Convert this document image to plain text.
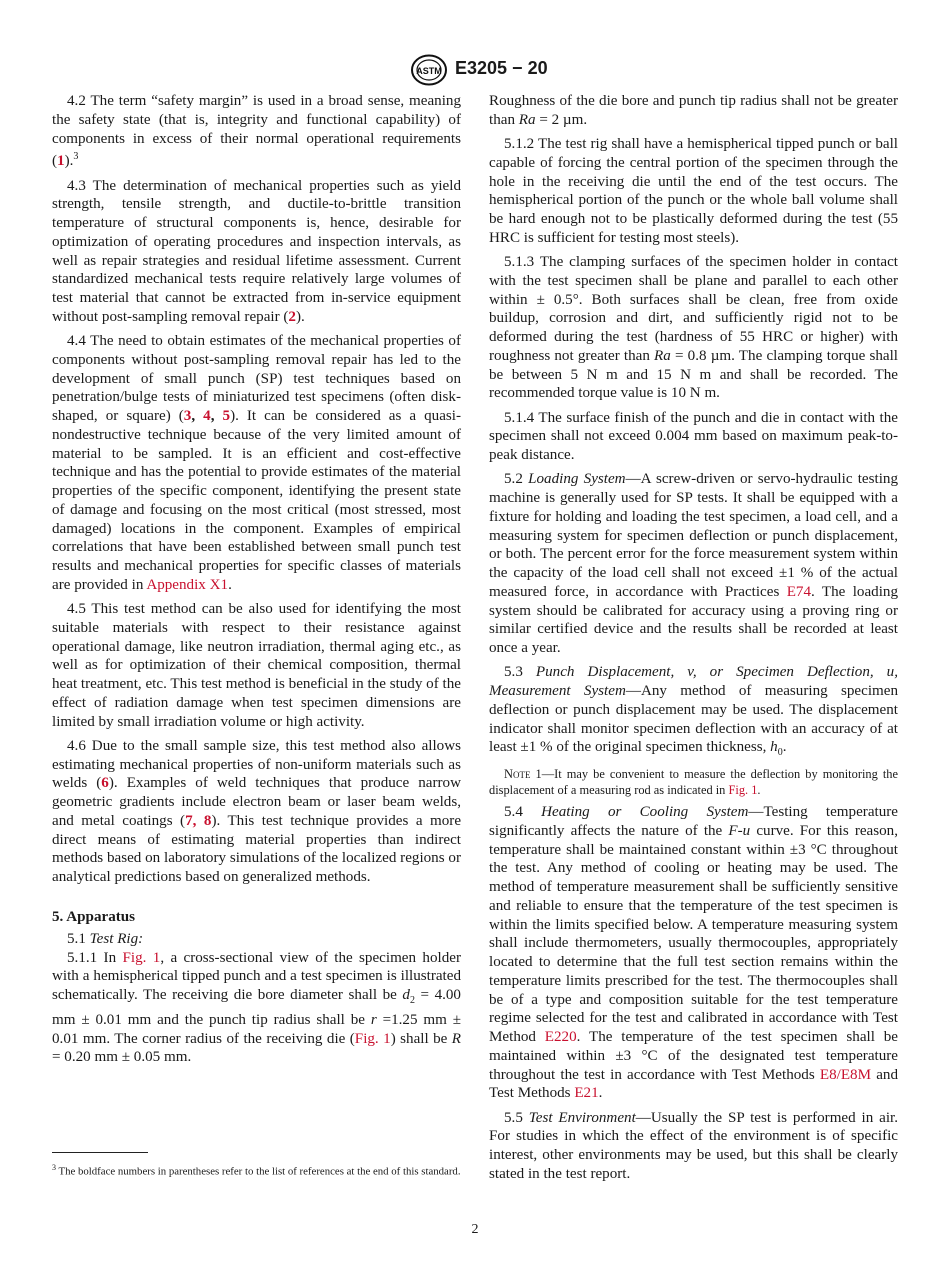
ASTM E3205 − 20

4.2 The term “safety margin” is used in a broad sense, meaning the safety state (that is, integrity and functional capability) of components in excess of their normal operational requirements (1).$^3$

4.3 The determination of mechanical properties such as yield strength, tensile strength, and ductile-to-brittle transition temperature of structural components is, hence, desirable for optimization of operating procedures and inspection intervals, as well as repair strategies and residual lifetime assessment. Current standardized mechanical tests require relatively large volumes of test material that cannot be extracted from in-service equipment without post-sampling removal repair (2).

4.4 The need to obtain estimates of the mechanical properties of components without post-sampling removal repair has led to the development of small punch (SP) test techniques based on penetration/bulge tests of miniaturized test specimens (often disk-shaped, or square) (3, 4, 5). It can be considered as a quasi-nondestructive technique because of the very limited amount of material to be sampled. It is an efficient and cost-effective technique and has the potential to provide estimates of the material properties of the specific component, identifying the present state of damage and focusing on the most critical (most stressed, most damaged) locations in the component. Examples of empirical correlations that have been established between small punch test results and mechanical properties for specific classes of materials are provided in Appendix X1.

4.5 This test method can be also used for identifying the most suitable materials with respect to their resistance against operational damage, like neutron irradiation, thermal aging etc., as well as for optimization of their chemical composition, thermal heat treatment, etc. This test method is beneficial in the study of the effect of radiation damage when test specimen dimensions are limited by small irradiation volume or high activity.

4.6 Due to the small sample size, this test method also allows estimating mechanical properties of non-uniform materials such as welds (6). Examples of weld techniques that produce narrow geometric gradients include electron beam or laser beam welds, and metal coatings (7, 8). This test technique provides a more direct means of estimating material properties than indirect methods based on laboratory simulations of the localized regions or analytical predictions based on generalized methods.

5. Apparatus

5.1 Test Rig:

5.1.1 In Fig. 1, a cross-sectional view of the specimen holder with a hemispherical tipped punch and a test specimen is illustrated schematically. The receiving die bore diameter shall be $d_2 = 4.00$ mm ± 0.01 mm and the punch tip radius shall be r =1.25 mm ± 0.01 mm. The corner radius of the receiving die (Fig. 1) shall be R = 0.20 mm ± 0.05 mm.

$^3$ The boldface numbers in parentheses refer to the list of references at the end of this standard.

Roughness of the die bore and punch tip radius shall not be greater than Ra = 2 µm.

5.1.2 The test rig shall have a hemispherical tipped punch or ball capable of forcing the central portion of the specimen through the hole in the receiving die until the end of the test occurs. The hemispherical portion of the punch or the whole ball volume shall be hard enough not to be plastically deformed during the test (55 HRC is sufficient for testing most steels).

5.1.3 The clamping surfaces of the specimen holder in contact with the test specimen shall be plane and parallel to each other within ± 0.5°. Both surfaces shall be clean, free from oxide buildup, corrosion and dirt, and sufficiently rigid not to be deformed during the test (hardness of 55 HRC or higher) with roughness not greater than Ra = 0.8 µm. The clamping torque shall be between 5 N m and 15 N m and shall be recorded. The recommended torque value is 10 N m.

5.1.4 The surface finish of the punch and die in contact with the specimen shall not exceed 0.004 mm based on maximum peak-to-peak distance.

5.2 Loading System—A screw-driven or servo-hydraulic testing machine is generally used for SP tests. It shall be equipped with a fixture for holding and loading the test specimen, a load cell, and a measuring system for specimen deflection or punch displacement, or both. The percent error for the force measurement system within the capacity of the load cell shall not exceed ±1 % of the actual measured force, in accordance with Practices E74. The loading system should be calibrated for accuracy using a proving ring or similar certified device and the results shall be recorded at least once a year.

5.3 Punch Displacement, v, or Specimen Deflection, u, Measurement System—Any method of measuring specimen deflection or punch displacement may be used. The displacement indicator shall monitor specimen deflection with an accuracy of at least ±1 % of the original specimen thickness, $h_0$.

Note 1—It may be convenient to measure the deflection by monitoring the displacement of a measuring rod as indicated in Fig. 1.

5.4 Heating or Cooling System—Testing temperature significantly affects the nature of the F-u curve. For this reason, temperature shall be maintained constant within ±3 °C throughout the test. Any method of cooling or heating may be used. The method of temperature measurement shall be sufficiently sensitive and reliable to ensure that the temperature of the test specimen is within the limits specified below. A temperature measuring system shall include thermometers, usually thermocouples, appropriately located to determine that the full test section remains within the temperature limits prescribed for the test. The thermocouples shall be of a type and composition suitable for the test temperature regime selected for the test and calibrated in accordance with Test Method E220. The temperature of the test specimen shall be maintained within ±3 °C of the designated test temperature throughout the test in accordance with Test Methods E8/E8M and Test Methods E21.

5.5 Test Environment—Usually the SP test is performed in air. For studies in which the effect of the environment is of specific interest, other environments may be used, but this shall be clearly stated in the test report.

2
